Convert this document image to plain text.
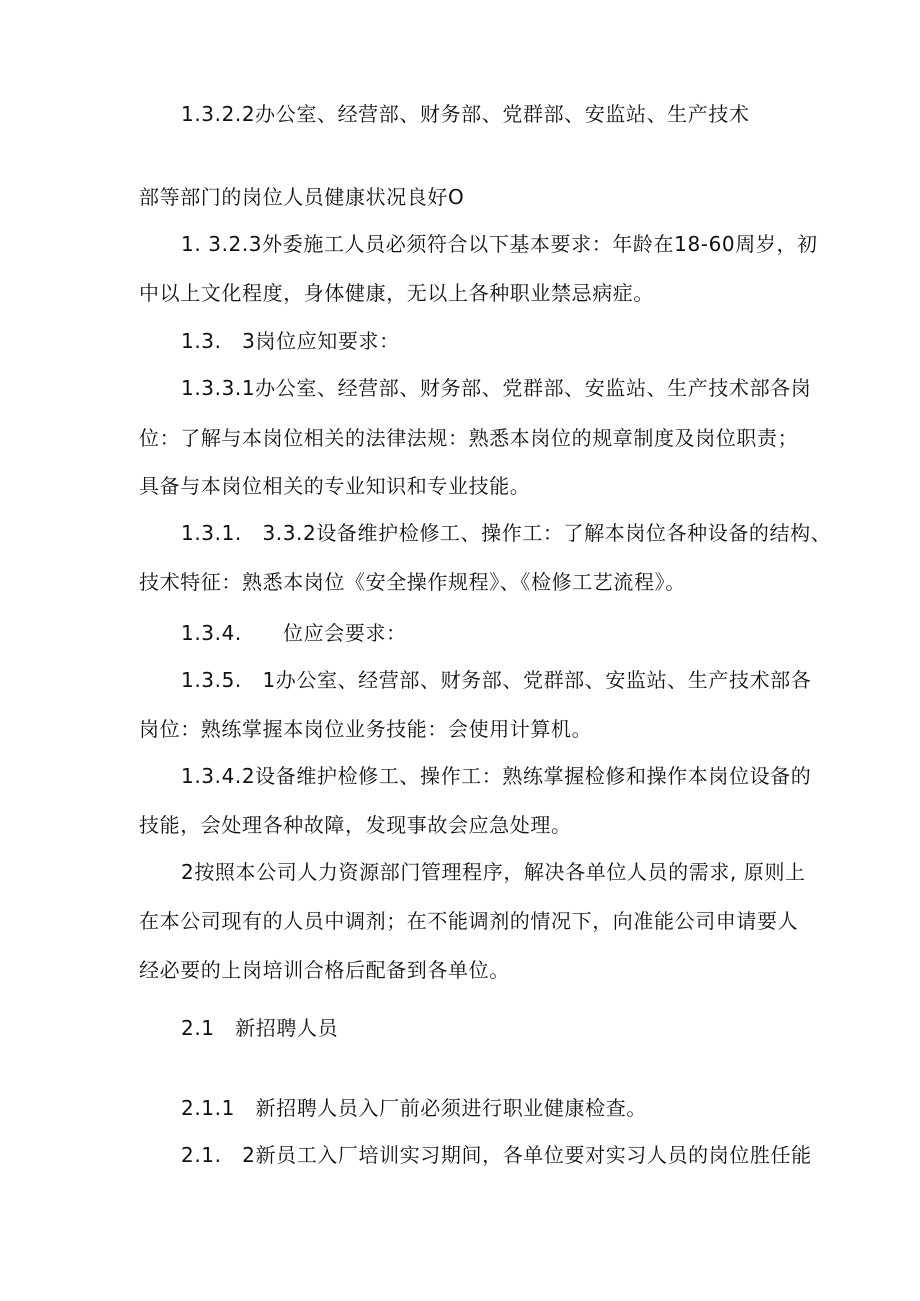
1.3.2.2办公室、经营部、财务部、党群部、安监站、生产技术
部等部门的岗位人员健康状况良好O
1. 3.2.3外委施工人员必须符合以下基本要求：年龄在18-60周岁，初
中以上文化程度，身体健康，无以上各种职业禁忌病症。
1.3.　3岗位应知要求：
1.3.3.1办公室、经营部、财务部、党群部、安监站、生产技术部各岗
位：了解与本岗位相关的法律法规：熟悉本岗位的规章制度及岗位职责；
具备与本岗位相关的专业知识和专业技能。
1.3.1.　3.3.2设备维护检修工、操作工：了解本岗位各种设备的结构、
技术特征：熟悉本岗位《安全操作规程》、《检修工艺流程》。
1.3.4.　　位应会要求：
1.3.5.　1办公室、经营部、财务部、党群部、安监站、生产技术部各
岗位：熟练掌握本岗位业务技能：会使用计算机。
1.3.4.2设备维护检修工、操作工：熟练掌握检修和操作本岗位设备的
技能，会处理各种故障，发现事故会应急处理。
2按照本公司人力资源部门管理程序，解决各单位人员的需求, 原则上
在本公司现有的人员中调剂；在不能调剂的情况下，向准能公司申请要人
经必要的上岗培训合格后配备到各单位。
2.1　新招聘人员
2.1.1　新招聘人员入厂前必须进行职业健康检查。
2.1.　2新员工入厂培训实习期间，各单位要对实习人员的岗位胜任能
